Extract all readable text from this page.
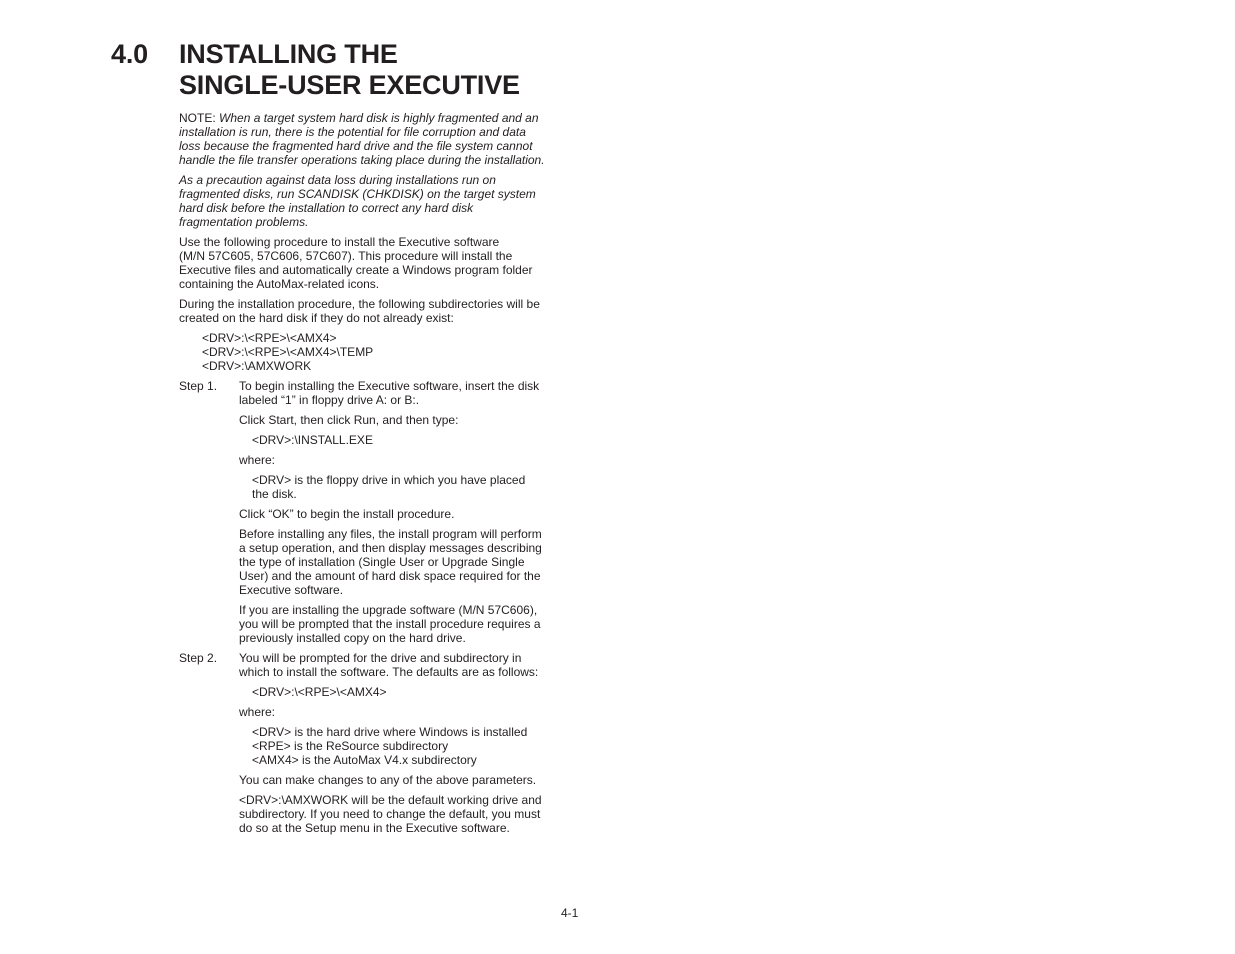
4.0	INSTALLING THE
SINGLE-USER EXECUTIVE

NOTE: When a target system hard disk is highly fragmented and an
installation is run, there is the potential for file corruption and data
loss because the fragmented hard drive and the file system cannot
handle the file transfer operations taking place during the installation.

As a precaution against data loss during installations run on
fragmented disks, run SCANDISK (CHKDISK) on the target system
hard disk before the installation to correct any hard disk
fragmentation problems.

Use the following procedure to install the Executive software
(M/N 57C605, 57C606, 57C607). This procedure will install the
Executive files and automatically create a Windows program folder
containing the AutoMax-related icons.

During the installation procedure, the following subdirectories will be
created on the hard disk if they do not already exist:

<DRV>:\<RPE>\<AMX4>
<DRV>:\<RPE>\<AMX4>\TEMP
<DRV>:\AMXWORK
Step 1.	To begin installing the Executive software, insert the disk
labeled “1” in floppy drive A: or B:.

Click Start, then click Run, and then type:

<DRV>:\INSTALL.EXE

where:

<DRV> is the floppy drive in which you have placed
the disk.

Click “OK” to begin the install procedure.

Before installing any files, the install program will perform
a setup operation, and then display messages describing
the type of installation (Single User or Upgrade Single
User) and the amount of hard disk space required for the
Executive software.

If you are installing the upgrade software (M/N 57C606),
you will be prompted that the install procedure requires a
previously installed copy on the hard drive.

Step 2.	You will be prompted for the drive and subdirectory in
which to install the software. The defaults are as follows:

<DRV>:\<RPE>\<AMX4>

where:

<DRV> is the hard drive where Windows is installed
<RPE> is the ReSource subdirectory
<AMX4> is the AutoMax V4.x subdirectory

You can make changes to any of the above parameters.

<DRV>:\AMXWORK will be the default working drive and
subdirectory. If you need to change the default, you must
do so at the Setup menu in the Executive software.

4-1
